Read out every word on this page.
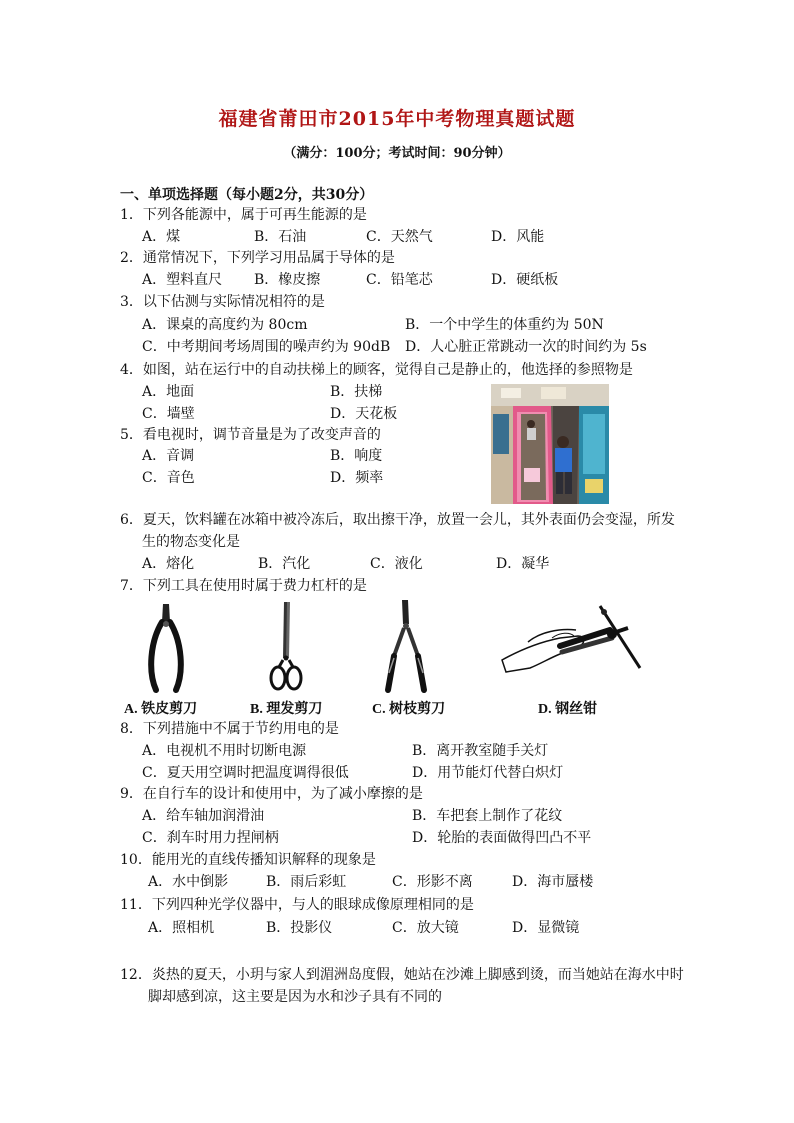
福建省莆田市2015年中考物理真题试题
（满分：100分；考试时间：90分钟）
一、单项选择题（每小题2分，共30分）
1．下列各能源中，属于可再生能源的是
A．煤	B．石油	C．天然气	D．风能
2．通常情况下，下列学习用品属于导体的是
A．塑料直尺 B．橡皮擦	C．铅笔芯	D．硬纸板
3．以下估测与实际情况相符的是
A．课桌的高度约为 80cm	B．一个中学生的体重约为 50N
C．中考期间考场周围的噪声约为 90dB D．人心脏正常跳动一次的时间约为 5s
4．如图，站在运行中的自动扶梯上的顾客，觉得自己是静止的，他选择的参照物是
A．地面	B．扶梯
C．墙壁	D．天花板
5．看电视时，调节音量是为了改变声音的
A．音调	B．响度
C．音色	D．频率
6．夏天，饮料罐在冰箱中被冷冻后，取出擦干净，放置一会儿，其外表面仍会变湿，所发
生的物态变化是
A．熔化	B．汽化	C．液化	D．凝华
7．下列工具在使用时属于费力杠杆的是
A. 铁皮剪刀	B. 理发剪刀	C. 树枝剪刀	D. 钢丝钳
8．下列措施中不属于节约用电的是
A．电视机不用时切断电源	B．离开教室随手关灯
C．夏天用空调时把温度调得很低	D．用节能灯代替白炽灯
9．在自行车的设计和使用中，为了减小摩擦的是
A．给车轴加润滑油	B．车把套上制作了花纹
C．刹车时用力捏闸柄	D．轮胎的表面做得凹凸不平
10．能用光的直线传播知识解释的现象是
A．水中倒影	B．雨后彩虹	C．形影不离	D．海市蜃楼
11．下列四种光学仪器中，与人的眼球成像原理相同的是
A．照相机	B．投影仪	C．放大镜	D．显微镜
12．炎热的夏天，小玥与家人到湄洲岛度假，她站在沙滩上脚感到烫，而当她站在海水中时
脚却感到凉，这主要是因为水和沙子具有不同的
